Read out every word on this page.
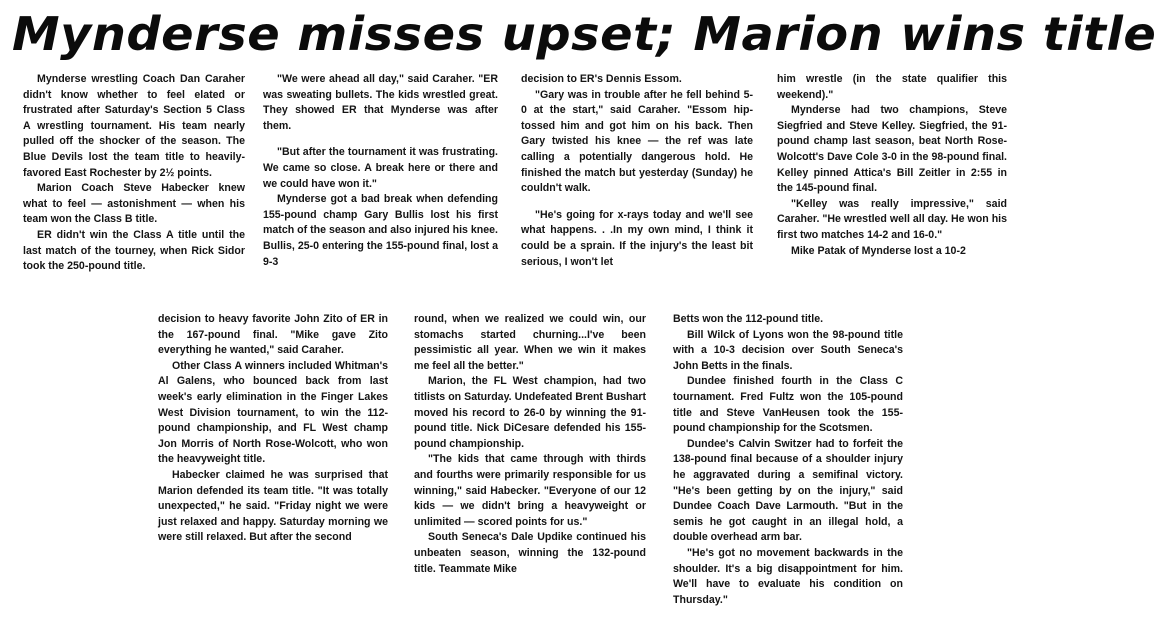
Mynderse misses upset; Marion wins title

Mynderse wrestling Coach Dan Caraher didn't know whether to feel elated or frustrated after Saturday's Section 5 Class A wrestling tournament. His team nearly pulled off the shocker of the season. The Blue Devils lost the team title to heavily-favored East Rochester by 2½ points.

Marion Coach Steve Habecker knew what to feel — astonishment — when his team won the Class B title.

ER didn't win the Class A title until the last match of the tourney, when Rick Sidor took the 250-pound title.

"We were ahead all day," said Caraher. "ER was sweating bullets. The kids wrestled great. They showed ER that Mynderse was after them.

"But after the tournament it was frustrating. We came so close. A break here or there and we could have won it."

Mynderse got a bad break when defending 155-pound champ Gary Bullis lost his first match of the season and also injured his knee. Bullis, 25-0 entering the 155-pound final, lost a 9-3

decision to ER's Dennis Essom.

"Gary was in trouble after he fell behind 5-0 at the start," said Caraher. "Essom hip-tossed him and got him on his back. Then Gary twisted his knee — the ref was late calling a potentially dangerous hold. He finished the match but yesterday (Sunday) he couldn't walk.

"He's going for x-rays today and we'll see what happens. . .In my own mind, I think it could be a sprain. If the injury's the least bit serious, I won't let

him wrestle (in the state qualifier this weekend)."

Mynderse had two champions, Steve Siegfried and Steve Kelley. Siegfried, the 91-pound champ last season, beat North Rose-Wolcott's Dave Cole 3-0 in the 98-pound final. Kelley pinned Attica's Bill Zeitler in 2:55 in the 145-pound final.

"Kelley was really impressive," said Caraher. "He wrestled well all day. He won his first two matches 14-2 and 16-0."

Mike Patak of Mynderse lost a 10-2

decision to heavy favorite John Zito of ER in the 167-pound final. "Mike gave Zito everything he wanted," said Caraher.

Other Class A winners included Whitman's Al Galens, who bounced back from last week's early elimination in the Finger Lakes West Division tournament, to win the 112-pound championship, and FL West champ Jon Morris of North Rose-Wolcott, who won the heavyweight title.

Habecker claimed he was surprised that Marion defended its team title. "It was totally unexpected," he said. "Friday night we were just relaxed and happy. Saturday morning we were still relaxed. But after the second

round, when we realized we could win, our stomachs started churning...I've been pessimistic all year. When we win it makes me feel all the better."

Marion, the FL West champion, had two titlists on Saturday. Undefeated Brent Bushart moved his record to 26-0 by winning the 91-pound title. Nick DiCesare defended his 155-pound championship.

"The kids that came through with thirds and fourths were primarily responsible for us winning," said Habecker. "Everyone of our 12 kids — we didn't bring a heavyweight or unlimited — scored points for us."

South Seneca's Dale Updike continued his unbeaten season, winning the 132-pound title. Teammate Mike

Betts won the 112-pound title.

Bill Wilck of Lyons won the 98-pound title with a 10-3 decision over South Seneca's John Betts in the finals.

Dundee finished fourth in the Class C tournament. Fred Fultz won the 105-pound title and Steve VanHeusen took the 155-pound championship for the Scotsmen.

Dundee's Calvin Switzer had to forfeit the 138-pound final because of a shoulder injury he aggravated during a semifinal victory. "He's been getting by on the injury," said Dundee Coach Dave Larmouth. "But in the semis he got caught in an illegal hold, a double overhead arm bar.

"He's got no movement backwards in the shoulder. It's a big disappointment for him. We'll have to evaluate his condition on Thursday."
